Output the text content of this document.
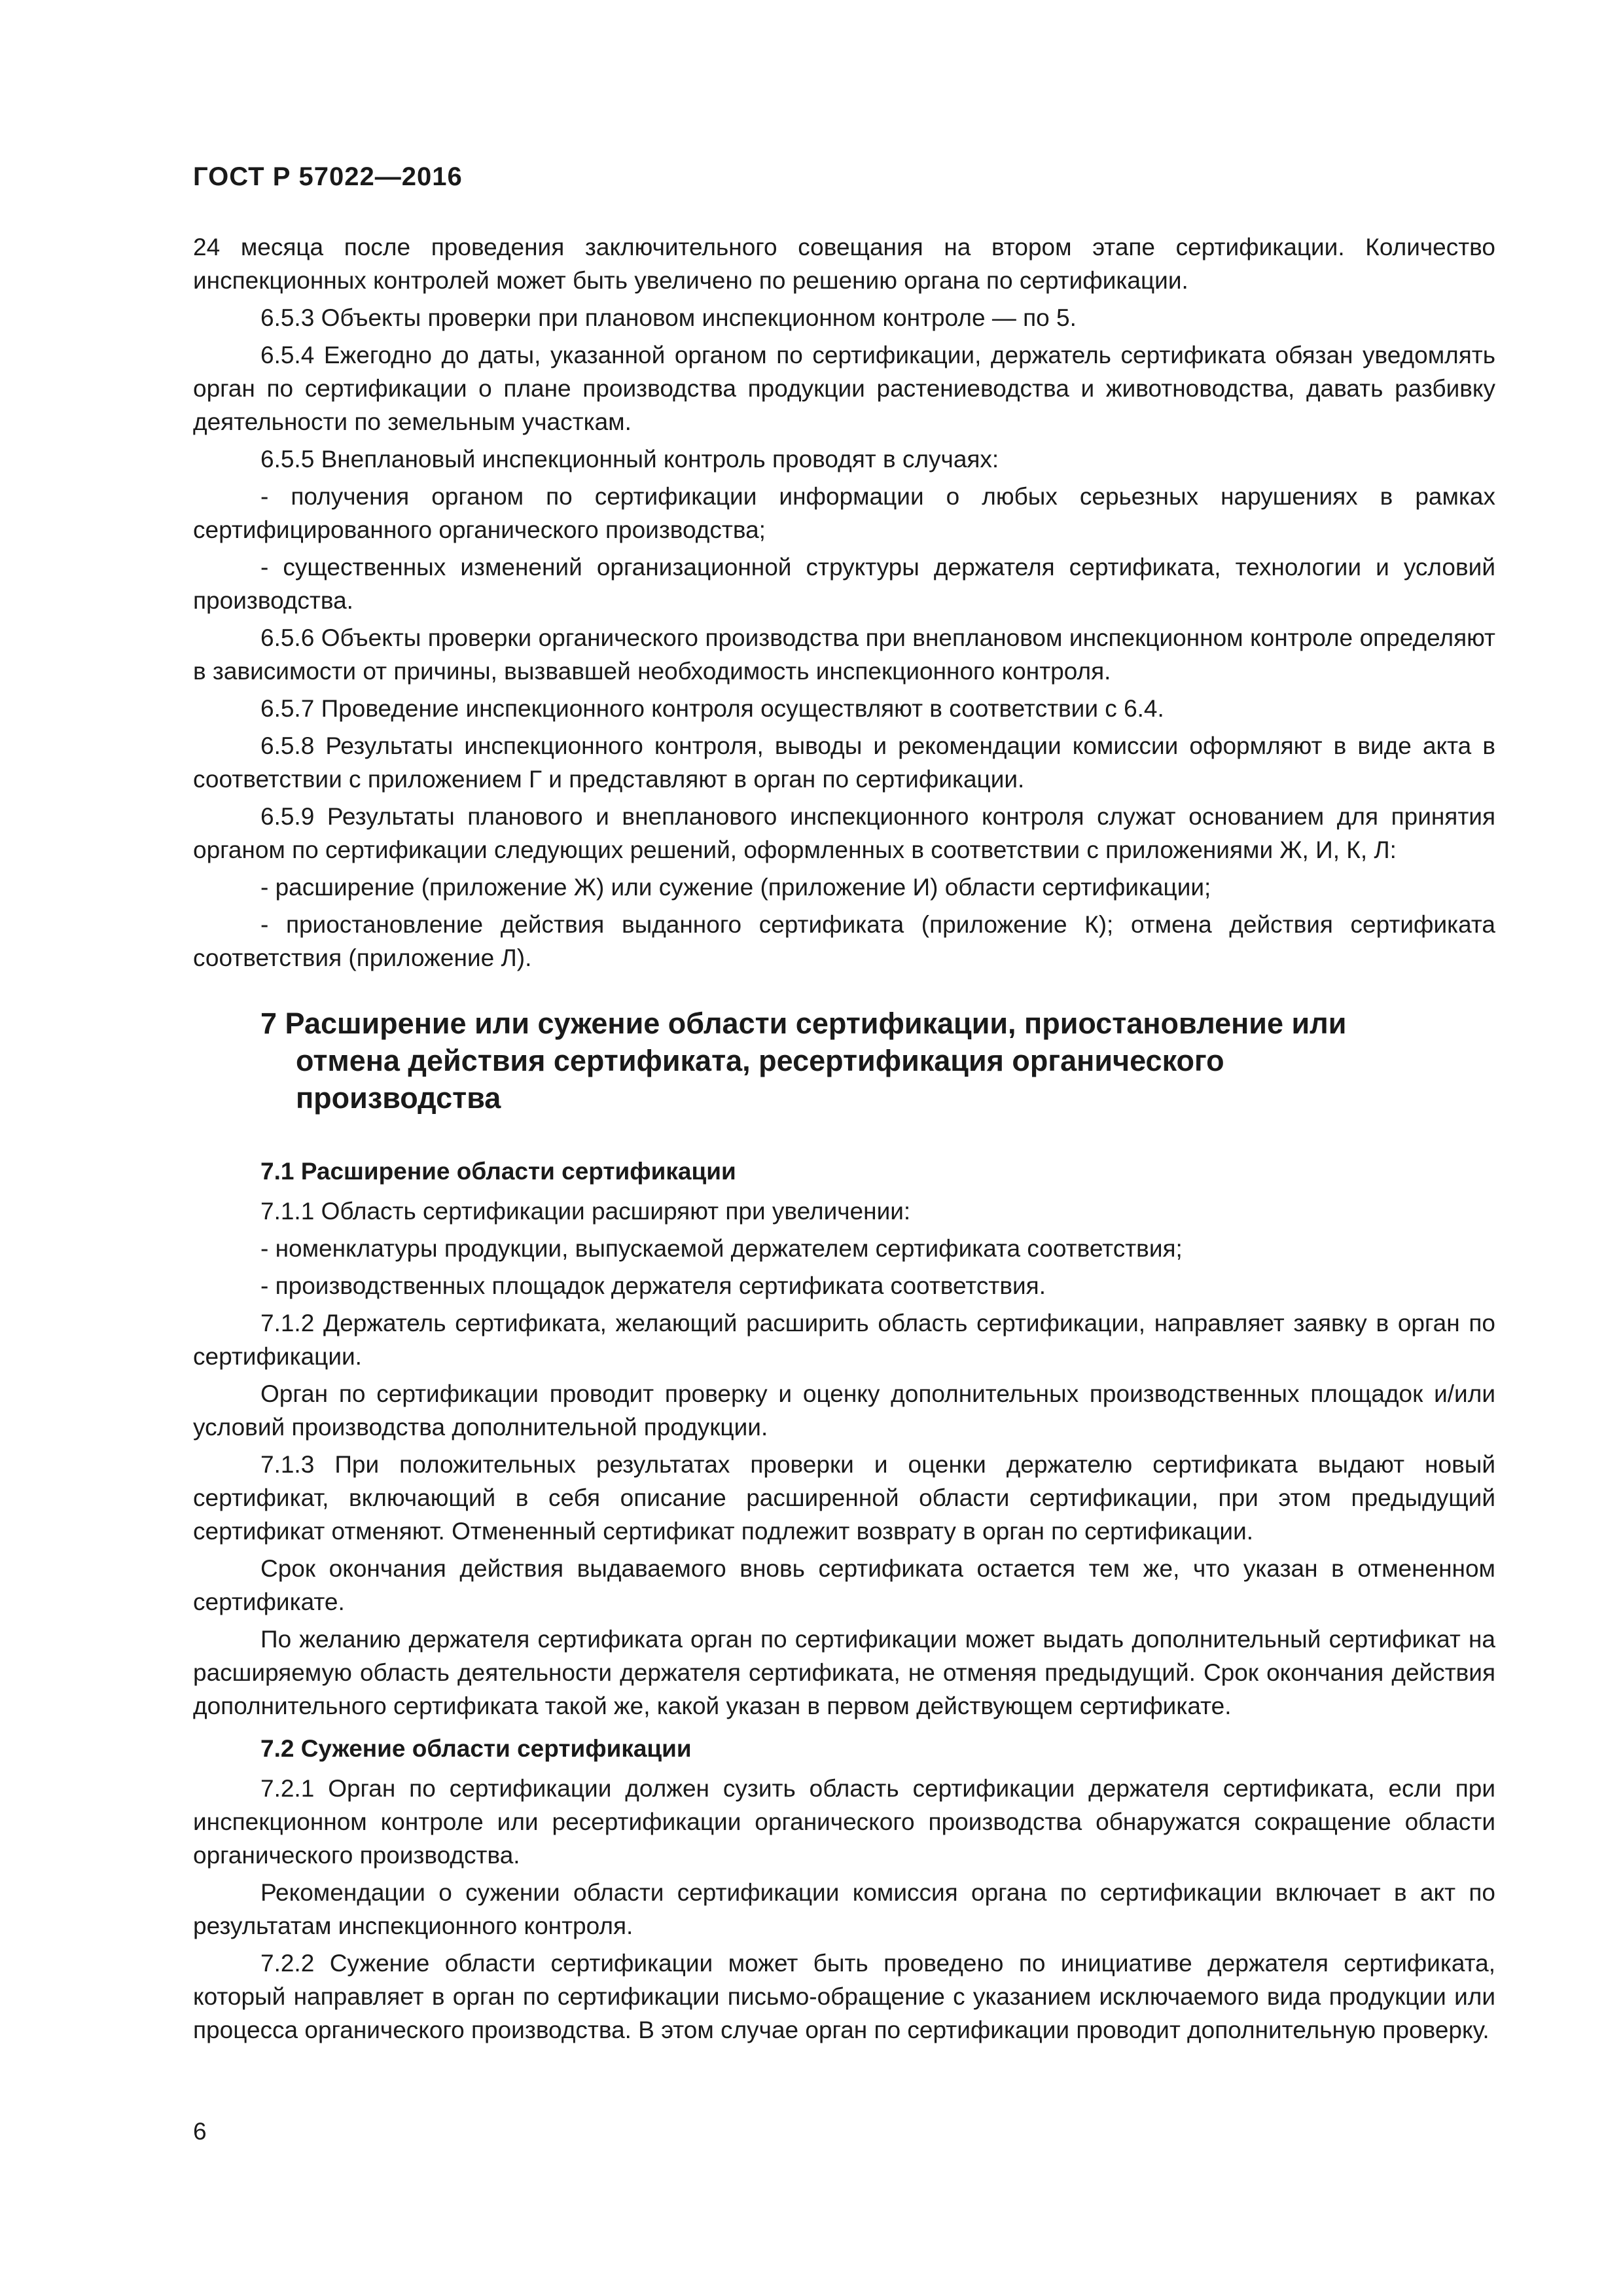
ГОСТ Р 57022—2016

24 месяца после проведения заключительного совещания на втором этапе сертификации. Количество инспекционных контролей может быть увеличено по решению органа по сертификации.

6.5.3 Объекты проверки при плановом инспекционном контроле — по 5.

6.5.4 Ежегодно до даты, указанной органом по сертификации, держатель сертификата обязан уведомлять орган по сертификации о плане производства продукции растениеводства и животноводства, давать разбивку деятельности по земельным участкам.

6.5.5 Внеплановый инспекционный контроль проводят в случаях:

- получения органом по сертификации информации о любых серьезных нарушениях в рамках сертифицированного органического производства;

- существенных изменений организационной структуры держателя сертификата, технологии и условий производства.

6.5.6 Объекты проверки органического производства при внеплановом инспекционном контроле определяют в зависимости от причины, вызвавшей необходимость инспекционного контроля.

6.5.7 Проведение инспекционного контроля осуществляют в соответствии с 6.4.

6.5.8 Результаты инспекционного контроля, выводы и рекомендации комиссии оформляют в виде акта в соответствии с приложением Г и представляют в орган по сертификации.

6.5.9 Результаты планового и внепланового инспекционного контроля служат основанием для принятия органом по сертификации следующих решений, оформленных в соответствии с приложениями Ж, И, К, Л:

- расширение (приложение Ж) или сужение (приложение И) области сертификации;

- приостановление действия выданного сертификата (приложение К); отмена действия сертификата соответствия (приложение Л).

7 Расширение или сужение области сертификации, приостановление или отмена действия сертификата, ресертификация органического производства
7.1 Расширение области сертификации

7.1.1 Область сертификации расширяют при увеличении:

- номенклатуры продукции, выпускаемой держателем сертификата соответствия;

- производственных площадок держателя сертификата соответствия.

7.1.2 Держатель сертификата, желающий расширить область сертификации, направляет заявку в орган по сертификации.

Орган по сертификации проводит проверку и оценку дополнительных производственных площадок и/или условий производства дополнительной продукции.

7.1.3 При положительных результатах проверки и оценки держателю сертификата выдают новый сертификат, включающий в себя описание расширенной области сертификации, при этом предыдущий сертификат отменяют. Отмененный сертификат подлежит возврату в орган по сертификации.

Срок окончания действия выдаваемого вновь сертификата остается тем же, что указан в отмененном сертификате.

По желанию держателя сертификата орган по сертификации может выдать дополнительный сертификат на расширяемую область деятельности держателя сертификата, не отменяя предыдущий. Срок окончания действия дополнительного сертификата такой же, какой указан в первом действующем сертификате.

7.2 Сужение области сертификации

7.2.1 Орган по сертификации должен сузить область сертификации держателя сертификата, если при инспекционном контроле или ресертификации органического производства обнаружатся сокращение области органического производства.

Рекомендации о сужении области сертификации комиссия органа по сертификации включает в акт по результатам инспекционного контроля.

7.2.2 Сужение области сертификации может быть проведено по инициативе держателя сертификата, который направляет в орган по сертификации письмо-обращение с указанием исключаемого вида продукции или процесса органического производства. В этом случае орган по сертификации проводит дополнительную проверку.

6
